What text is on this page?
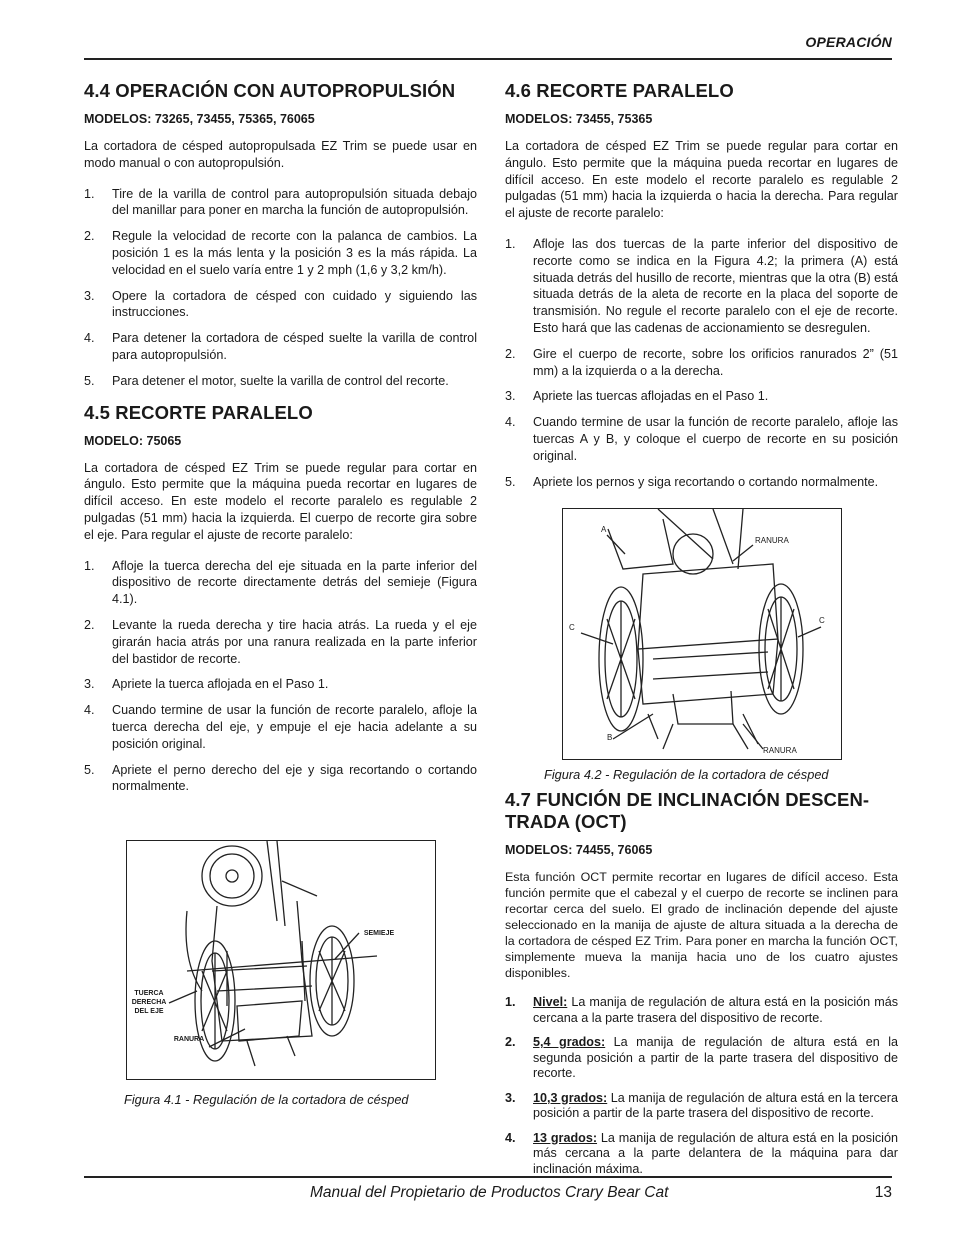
OPERACIÓN
Manual del Propietario de Productos Crary Bear Cat	13
4.4 OPERACIÓN CON AUTOPROPULSIÓN
MODELOS: 73265, 73455, 75365, 76065

La cortadora de césped autopropulsada EZ Trim se puede usar en modo manual o con autopropulsión.

1. Tire de la varilla de control para autopropulsión situada debajo del manillar para poner en marcha la función de autopropulsión.
2. Regule la velocidad de recorte con la palanca de cambios. La posición 1 es la más lenta y la posición 3 es la más rápida. La velocidad en el suelo varía entre 1 y 2 mph (1,6 y 3,2 km/h).
3. Opere la cortadora de césped con cuidado y siguiendo las instrucciones.
4. Para detener la cortadora de césped suelte la varilla de control para autopropulsión.
5. Para detener el motor, suelte la varilla de control del recorte.
4.5 RECORTE PARALELO
MODELO: 75065

La cortadora de césped EZ Trim se puede regular para cortar en ángulo. Esto permite que la máquina pueda recortar en lugares de difícil acceso. En este modelo el recorte paralelo es regulable 2 pulgadas (51 mm) hacia la izquierda. El cuerpo de recorte gira sobre el eje. Para regular el ajuste de recorte paralelo:

1. Afloje la tuerca derecha del eje situada en la parte inferior del dispositivo de recorte directamente detrás del semieje (Figura 4.1).
2. Levante la rueda derecha y tire hacia atrás. La rueda y el eje girarán hacia atrás por una ranura realizada en la parte inferior del bastidor de recorte.
3. Apriete la tuerca aflojada en el Paso 1.
4. Cuando termine de usar la función de recorte paralelo, afloje la tuerca derecha del eje, y empuje el eje hacia adelante a su posición original.
5. Apriete el perno derecho del eje y siga recortando o cortando normalmente.
SEMIEJE
TUERCA
DERECHA
DEL EJE
RANURA
Figura 4.1 - Regulación de la cortadora de césped
4.6 RECORTE PARALELO
MODELOS: 73455, 75365

La cortadora de césped EZ Trim se puede regular para cortar en ángulo. Esto permite que la máquina pueda recortar en lugares de difícil acceso. En este modelo el recorte paralelo es regulable 2 pulgadas (51 mm) hacia la izquierda o hacia la derecha. Para regular el ajuste de recorte paralelo:

1. Afloje las dos tuercas de la parte inferior del dispositivo de recorte como se indica en la Figura 4.2; la primera (A) está situada detrás del husillo de recorte, mientras que la otra (B) está situada detrás de la aleta de recorte en la placa del soporte de transmisión. No regule el recorte paralelo con el eje de recorte. Esto hará que las cadenas de accionamiento se desregulen.
2. Gire el cuerpo de recorte, sobre los orificios ranurados 2” (51 mm) a la izquierda o a la derecha.
3. Apriete las tuercas aflojadas en el Paso 1.
4. Cuando termine de usar la función de recorte paralelo, afloje las tuercas A y B, y coloque el cuerpo de recorte en su posición original.
5. Apriete los pernos y siga recortando o cortando normalmente.
A
RANURA
C
C
B
RANURA
Figura 4.2 - Regulación de la cortadora de césped
4.7 FUNCIÓN DE INCLINACIÓN DESCEN-TRADA (OCT)
MODELOS: 74455, 76065

Esta función OCT permite recortar en lugares de difícil acceso. Esta función permite que el cabezal y el cuerpo de recorte se inclinen para recortar cerca del suelo. El grado de inclinación depende del ajuste seleccionado en la manija de ajuste de altura situada a la derecha de la cortadora de césped EZ Trim. Para poner en marcha la función OCT, simplemente mueva la manija hacia uno de los cuatro ajustes disponibles.

1. Nivel: La manija de regulación de altura está en la posición más cercana a la parte trasera del dispositivo de recorte.
2. 5,4 grados: La manija de regulación de altura está en la segunda posición a partir de la parte trasera del dispositivo de recorte.
3. 10,3 grados: La manija de regulación de altura está en la tercera posición a partir de la parte trasera del dispositivo de recorte.
4. 13 grados: La manija de regulación de altura está en la posición más cercana a la parte delantera de la máquina para dar inclinación máxima.
